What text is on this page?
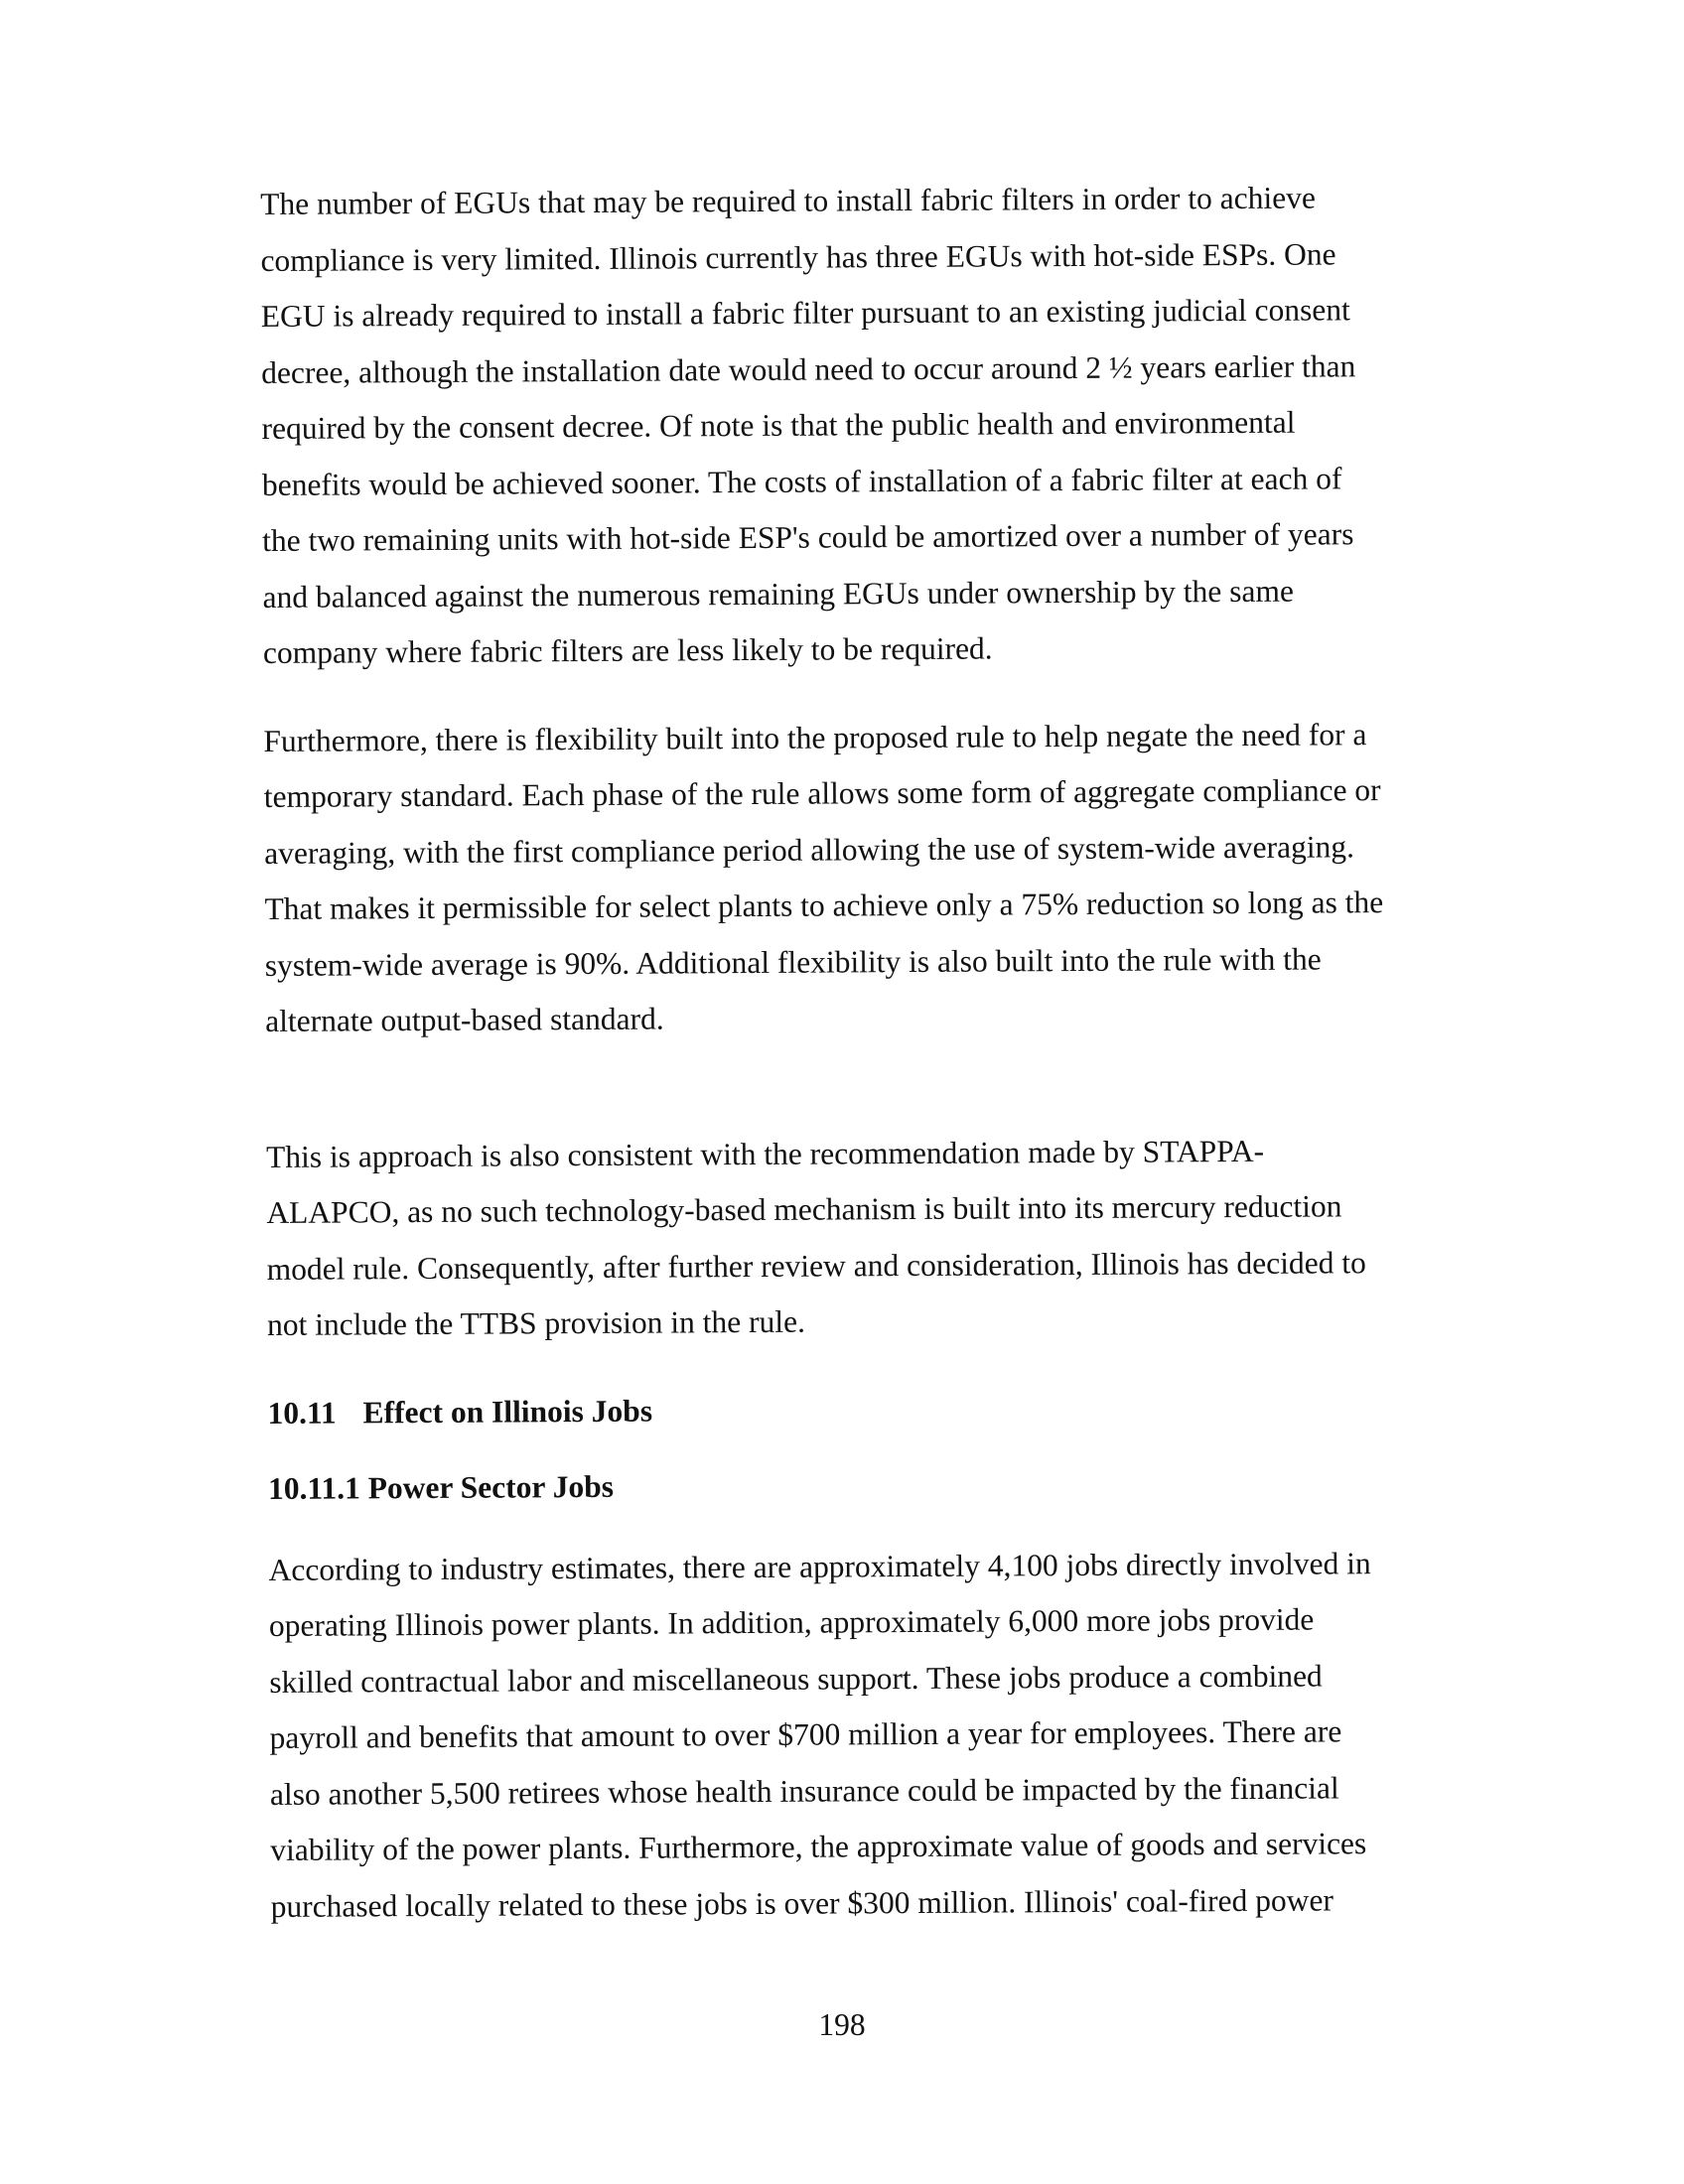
The number of EGUs that may be required to install fabric filters in order to achieve
compliance is very limited. Illinois currently has three EGUs with hot-side ESPs. One
EGU is already required to install a fabric filter pursuant to an existing judicial consent
decree, although the installation date would need to occur around 2 ½ years earlier than
required by the consent decree. Of note is that the public health and environmental
benefits would be achieved sooner. The costs of installation of a fabric filter at each of
the two remaining units with hot-side ESP's could be amortized over a number of years
and balanced against the numerous remaining EGUs under ownership by the same
company where fabric filters are less likely to be required.

Furthermore, there is flexibility built into the proposed rule to help negate the need for a
temporary standard. Each phase of the rule allows some form of aggregate compliance or
averaging, with the first compliance period allowing the use of system-wide averaging.
That makes it permissible for select plants to achieve only a 75% reduction so long as the
system-wide average is 90%. Additional flexibility is also built into the rule with the
alternate output-based standard.

This is approach is also consistent with the recommendation made by STAPPA-
ALAPCO, as no such technology-based mechanism is built into its mercury reduction
model rule. Consequently, after further review and consideration, Illinois has decided to
not include the TTBS provision in the rule.

10.11 Effect on Illinois Jobs
10.11.1 Power Sector Jobs

According to industry estimates, there are approximately 4,100 jobs directly involved in
operating Illinois power plants. In addition, approximately 6,000 more jobs provide
skilled contractual labor and miscellaneous support. These jobs produce a combined
payroll and benefits that amount to over $700 million a year for employees. There are
also another 5,500 retirees whose health insurance could be impacted by the financial
viability of the power plants. Furthermore, the approximate value of goods and services
purchased locally related to these jobs is over $300 million. Illinois' coal-fired power

198
